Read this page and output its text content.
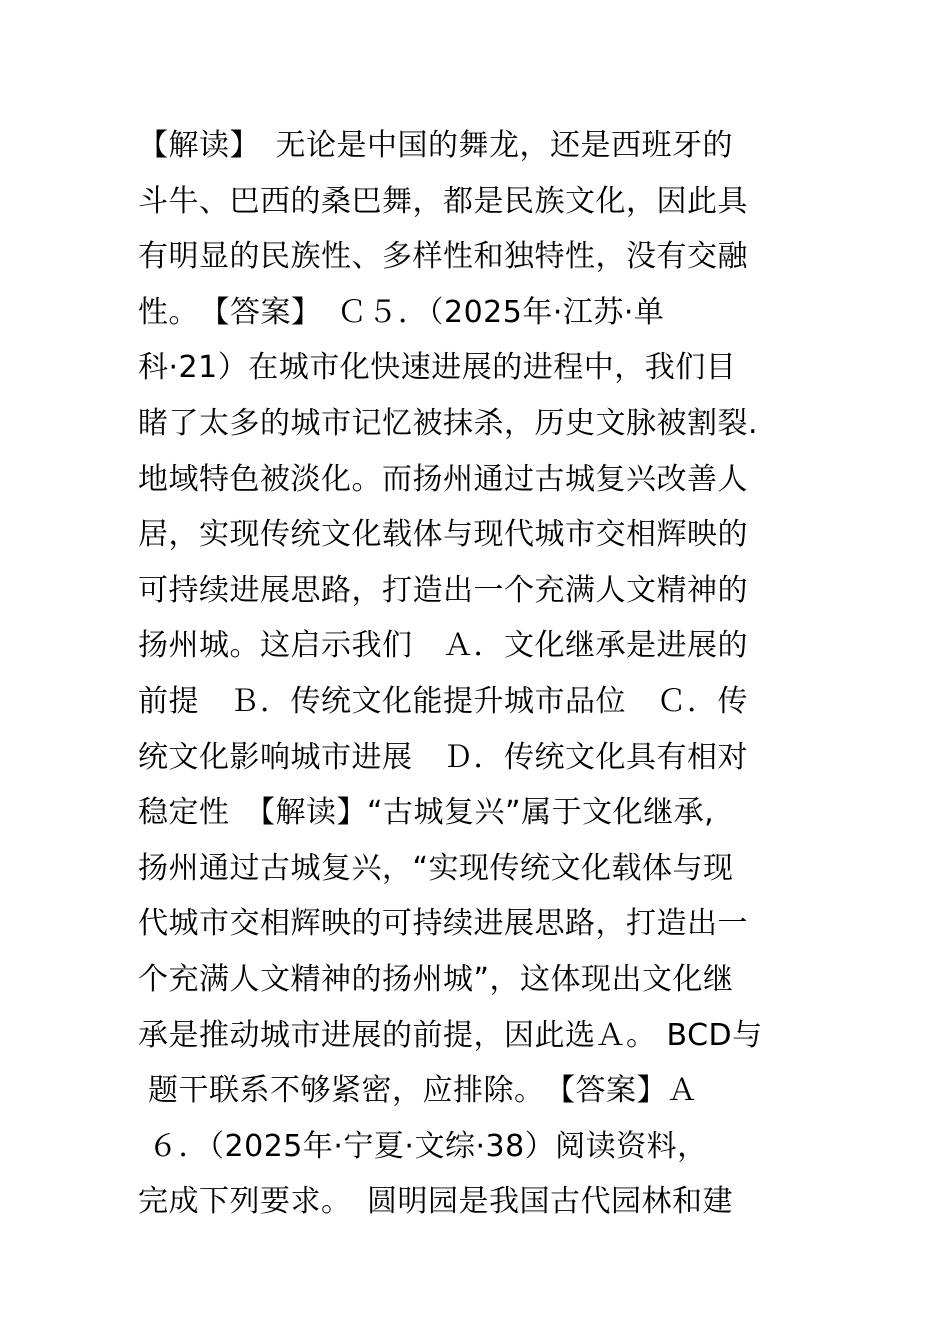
【解读】　无论是中国的舞龙，还是西班牙的
斗牛、巴西的桑巴舞，都是民族文化，因此具
有明显的民族性、多样性和独特性，没有交融
性。　【答案】　Ｃ５．（2025年·江苏·单
科·21）在城市化快速进展的进程中，我们目
睹了太多的城市记忆被抹杀，历史文脉被割裂.
地域特色被淡化。而扬州通过古城复兴改善人
居，实现传统文化载体与现代城市交相辉映的
可持续进展思路，打造出一个充满人文精神的
扬州城。这启示我们　Ａ．文化继承是进展的
前提　Ｂ．传统文化能提升城市品位　Ｃ．传
统文化影响城市进展　Ｄ．传统文化具有相对
稳定性　【解读】“古城复兴”属于文化继承,
扬州通过古城复兴，“实现传统文化载体与现
代城市交相辉映的可持续进展思路，打造出一
个充满人文精神的扬州城”，这体现出文化继
承是推动城市进展的前提，因此选Ａ。 BCD与
题干联系不够紧密，应排除。　【答案】Ａ
６．（2025年·宁夏·文综·38）阅读资料，
完成下列要求。　圆明园是我国古代园林和建
